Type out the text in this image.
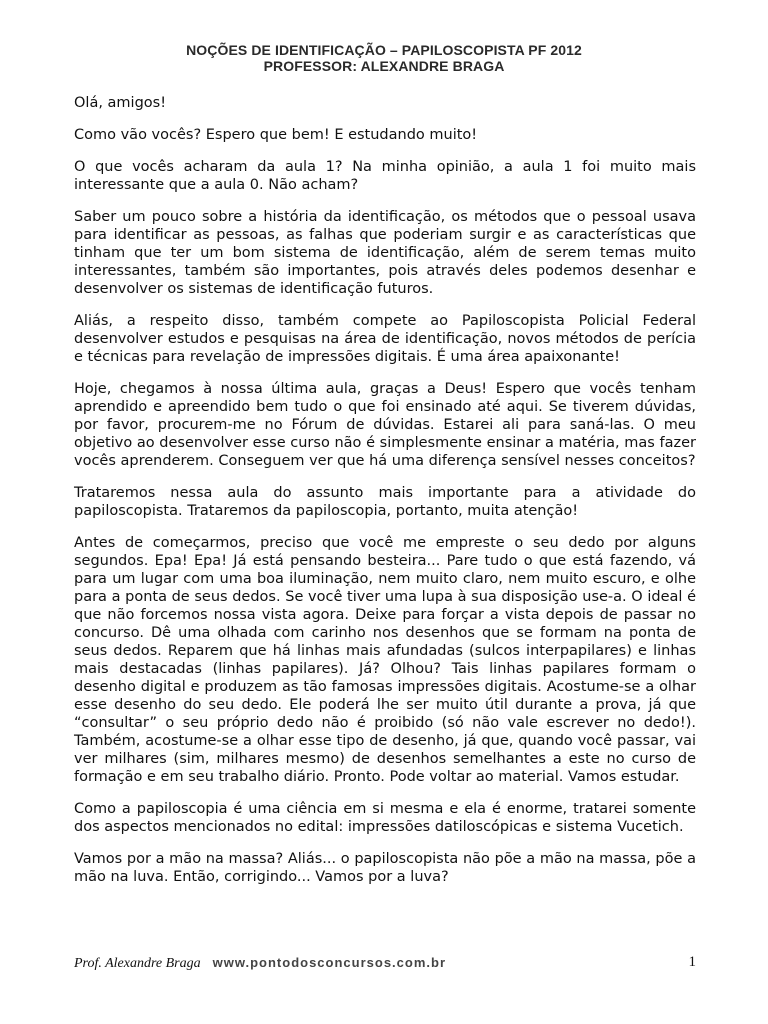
NOÇÕES DE IDENTIFICAÇÃO – PAPILOSCOPISTA PF 2012
PROFESSOR: ALEXANDRE BRAGA

Olá, amigos!

Como vão vocês? Espero que bem! E estudando muito!

O que vocês acharam da aula 1? Na minha opinião, a aula 1 foi muito mais interessante que a aula 0. Não acham?

Saber um pouco sobre a história da identificação, os métodos que o pessoal usava para identificar as pessoas, as falhas que poderiam surgir e as características que tinham que ter um bom sistema de identificação, além de serem temas muito interessantes, também são importantes, pois através deles podemos desenhar e desenvolver os sistemas de identificação futuros.

Aliás, a respeito disso, também compete ao Papiloscopista Policial Federal desenvolver estudos e pesquisas na área de identificação, novos métodos de perícia e técnicas para revelação de impressões digitais. É uma área apaixonante!

Hoje, chegamos à nossa última aula, graças a Deus! Espero que vocês tenham aprendido e apreendido bem tudo o que foi ensinado até aqui. Se tiverem dúvidas, por favor, procurem-me no Fórum de dúvidas. Estarei ali para saná-las. O meu objetivo ao desenvolver esse curso não é simplesmente ensinar a matéria, mas fazer vocês aprenderem. Conseguem ver que há uma diferença sensível nesses conceitos?

Trataremos nessa aula do assunto mais importante para a atividade do papiloscopista. Trataremos da papiloscopia, portanto, muita atenção!

Antes de começarmos, preciso que você me empreste o seu dedo por alguns segundos. Epa! Epa! Já está pensando besteira... Pare tudo o que está fazendo, vá para um lugar com uma boa iluminação, nem muito claro, nem muito escuro, e olhe para a ponta de seus dedos. Se você tiver uma lupa à sua disposição use-a. O ideal é que não forcemos nossa vista agora. Deixe para forçar a vista depois de passar no concurso. Dê uma olhada com carinho nos desenhos que se formam na ponta de seus dedos. Reparem que há linhas mais afundadas (sulcos interpapilares) e linhas mais destacadas (linhas papilares). Já? Olhou? Tais linhas papilares formam o desenho digital e produzem as tão famosas impressões digitais. Acostume-se a olhar esse desenho do seu dedo. Ele poderá lhe ser muito útil durante a prova, já que “consultar” o seu próprio dedo não é proibido (só não vale escrever no dedo!). Também, acostume-se a olhar esse tipo de desenho, já que, quando você passar, vai ver milhares (sim, milhares mesmo) de desenhos semelhantes a este no curso de formação e em seu trabalho diário. Pronto. Pode voltar ao material. Vamos estudar.

Como a papiloscopia é uma ciência em si mesma e ela é enorme, tratarei somente dos aspectos mencionados no edital: impressões datiloscópicas e sistema Vucetich.

Vamos por a mão na massa? Aliás... o papiloscopista não põe a mão na massa, põe a mão na luva. Então, corrigindo... Vamos por a luva?

Prof. Alexandre Braga www.pontodosconcursos.com.br	1
